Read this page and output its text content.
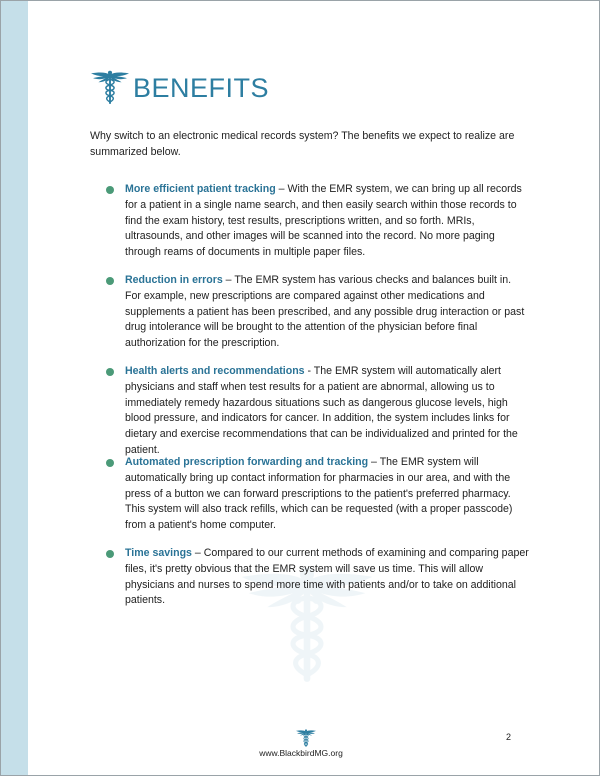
BENEFITS

Why switch to an electronic medical records system? The benefits we expect to realize are summarized below.

More efficient patient tracking – With the EMR system, we can bring up all records for a patient in a single name search, and then easily search within those records to find the exam history, test results, prescriptions written, and so forth. MRIs, ultrasounds, and other images will be scanned into the record. No more paging through reams of documents in multiple paper files.
Reduction in errors – The EMR system has various checks and balances built in. For example, new prescriptions are compared against other medications and supplements a patient has been prescribed, and any possible drug interaction or past drug intolerance will be brought to the attention of the physician before final authorization for the prescription.
Health alerts and recommendations - The EMR system will automatically alert physicians and staff when test results for a patient are abnormal, allowing us to immediately remedy hazardous situations such as dangerous glucose levels, high blood pressure, and indicators for cancer. In addition, the system includes links for dietary and exercise recommendations that can be individualized and printed for the patient.
Automated prescription forwarding and tracking – The EMR system will automatically bring up contact information for pharmacies in our area, and with the press of a button we can forward prescriptions to the patient's preferred pharmacy. This system will also track refills, which can be requested (with a proper passcode) from a patient's home computer.
Time savings – Compared to our current methods of examining and comparing paper files, it's pretty obvious that the EMR system will save us time. This will allow physicians and nurses to spend more time with patients and/or to take on additional patients.
www.BlackbirdMG.org
2
